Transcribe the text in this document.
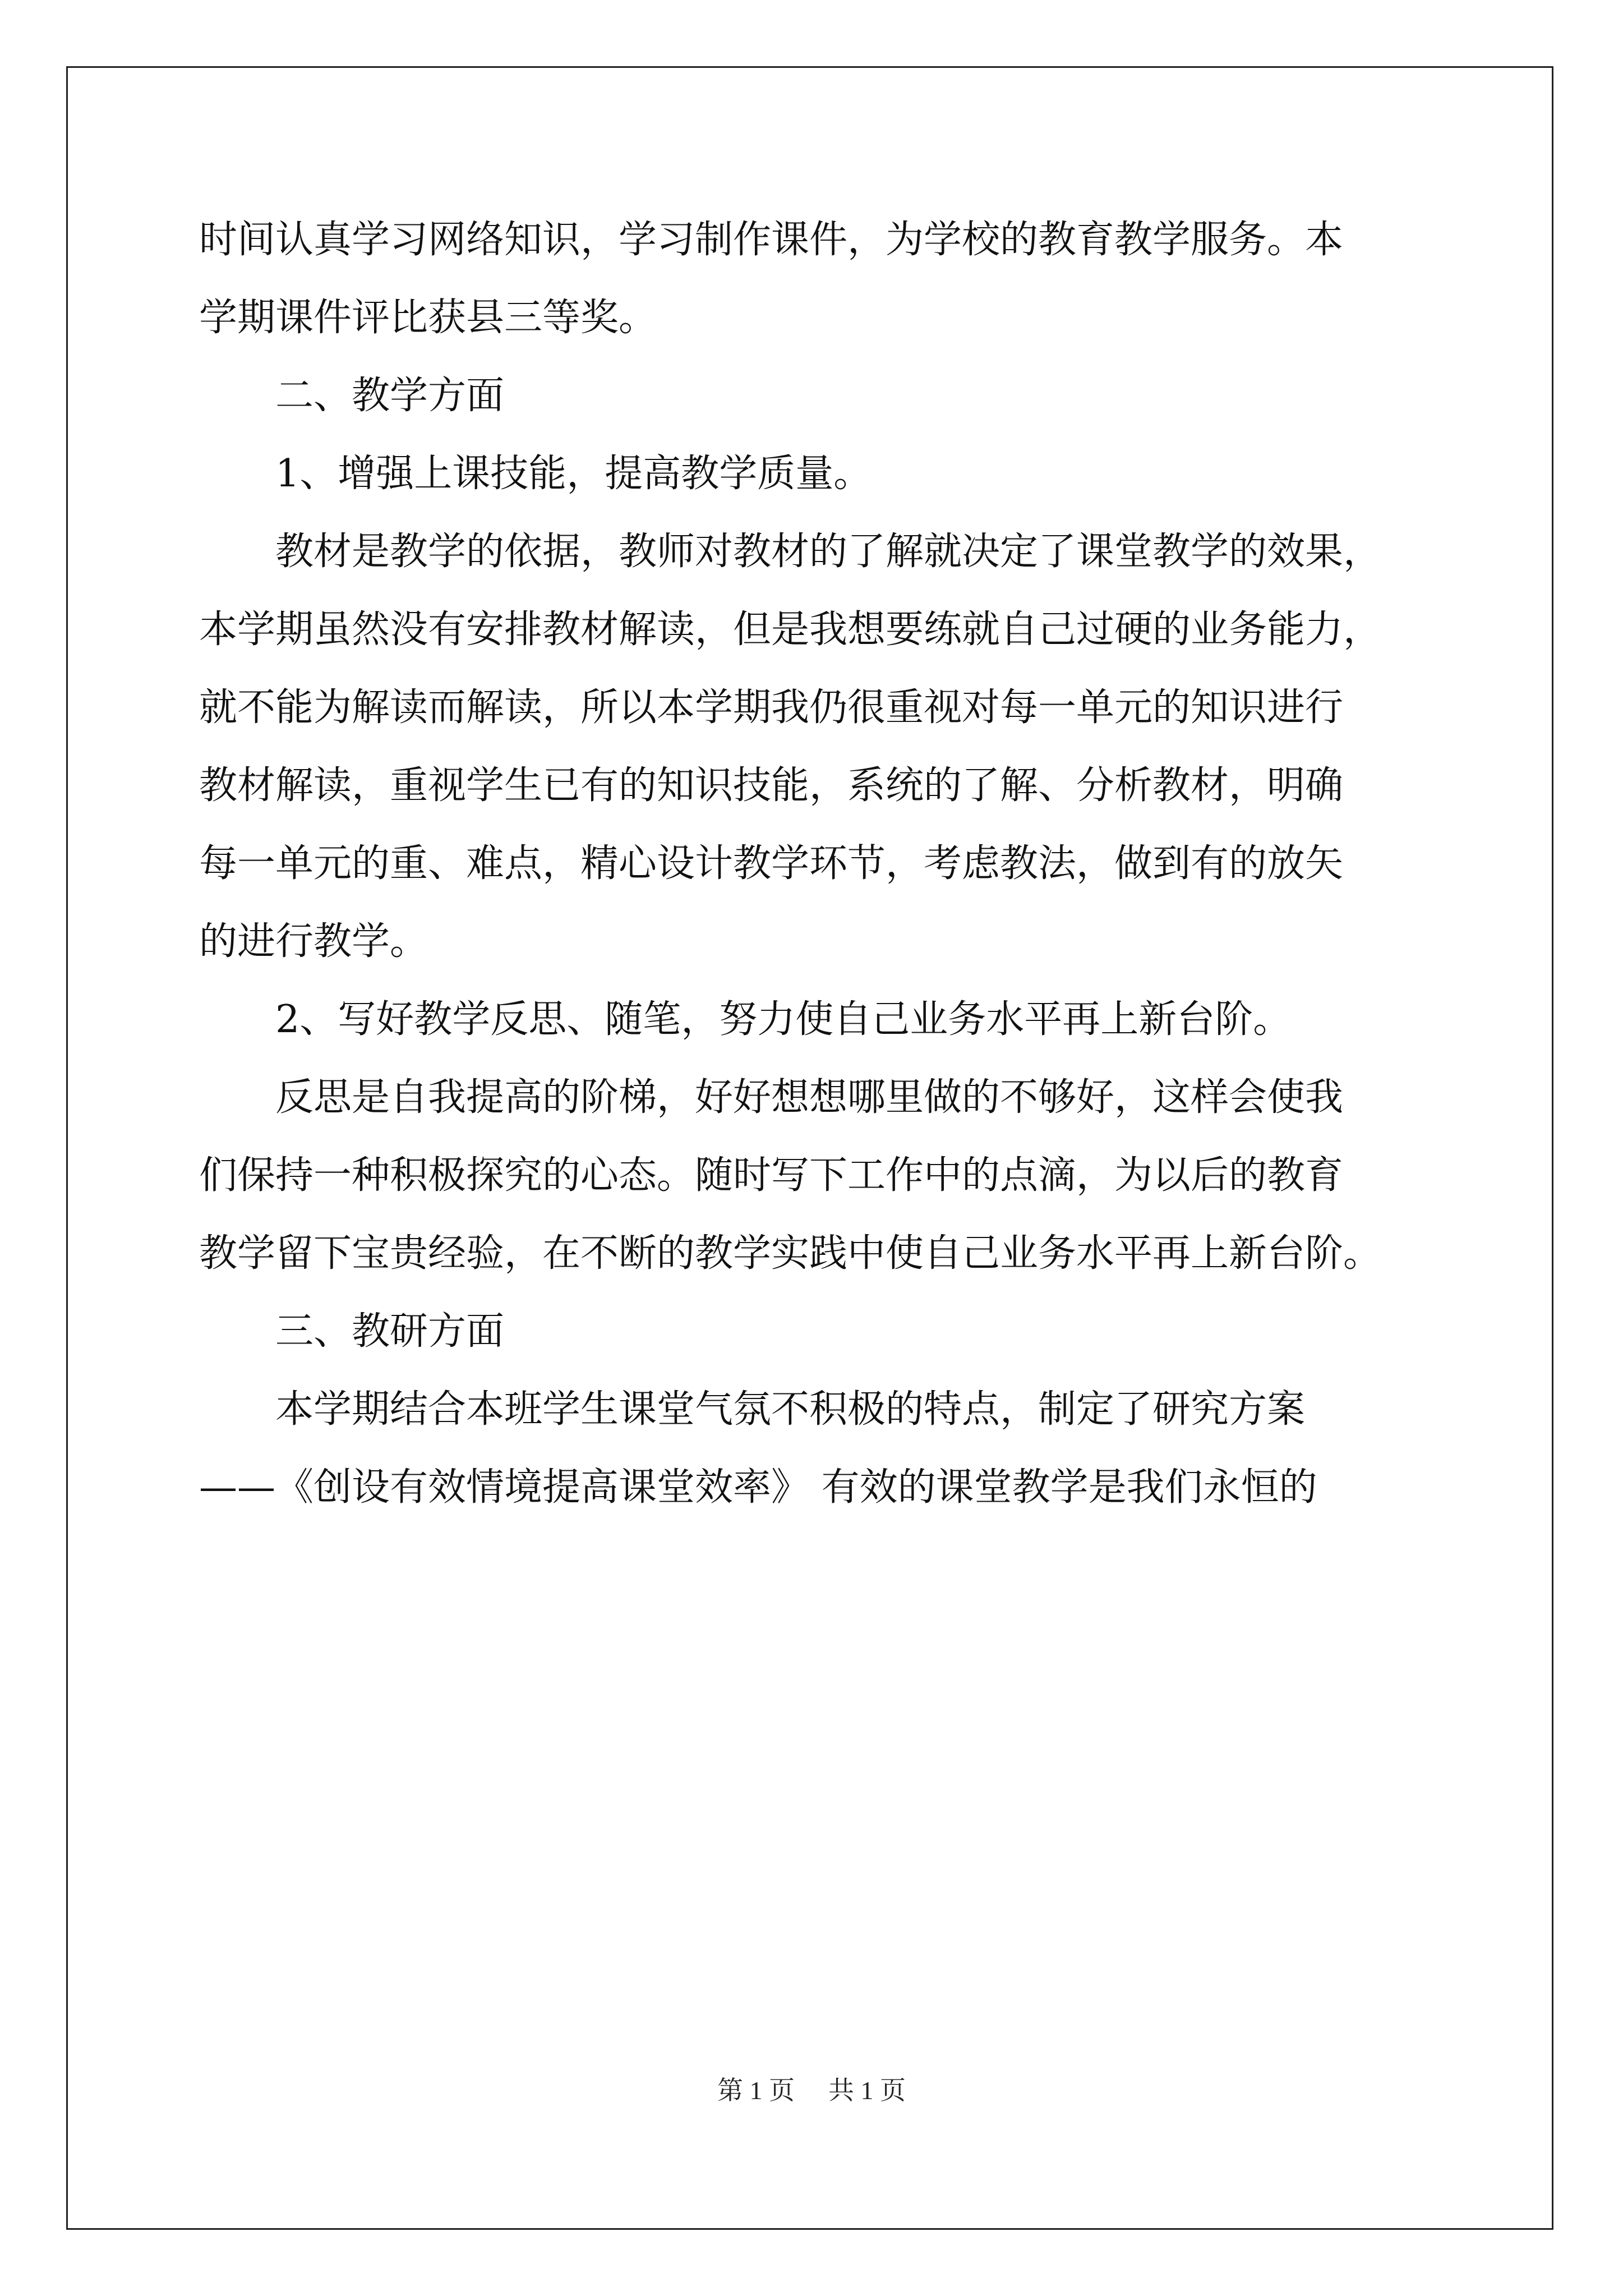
时间认真学习网络知识，学习制作课件，为学校的教育教学服务。本
学期课件评比获县三等奖。
　　二、教学方面
　　1、增强上课技能，提高教学质量。
　　教材是教学的依据，教师对教材的了解就决定了课堂教学的效果，
本学期虽然没有安排教材解读，但是我想要练就自己过硬的业务能力，
就不能为解读而解读，所以本学期我仍很重视对每一单元的知识进行
教材解读，重视学生已有的知识技能，系统的了解、分析教材，明确
每一单元的重、难点，精心设计教学环节，考虑教法，做到有的放矢
的进行教学。
　　2、写好教学反思、随笔，努力使自己业务水平再上新台阶。
　　反思是自我提高的阶梯，好好想想哪里做的不够好，这样会使我
们保持一种积极探究的心态。随时写下工作中的点滴，为以后的教育
教学留下宝贵经验，在不断的教学实践中使自己业务水平再上新台阶。
　　三、教研方面
　　本学期结合本班学生课堂气氛不积极的特点，制定了研究方案
——《创设有效情境提高课堂效率》 有效的课堂教学是我们永恒的
第 1 页 共 1 页
